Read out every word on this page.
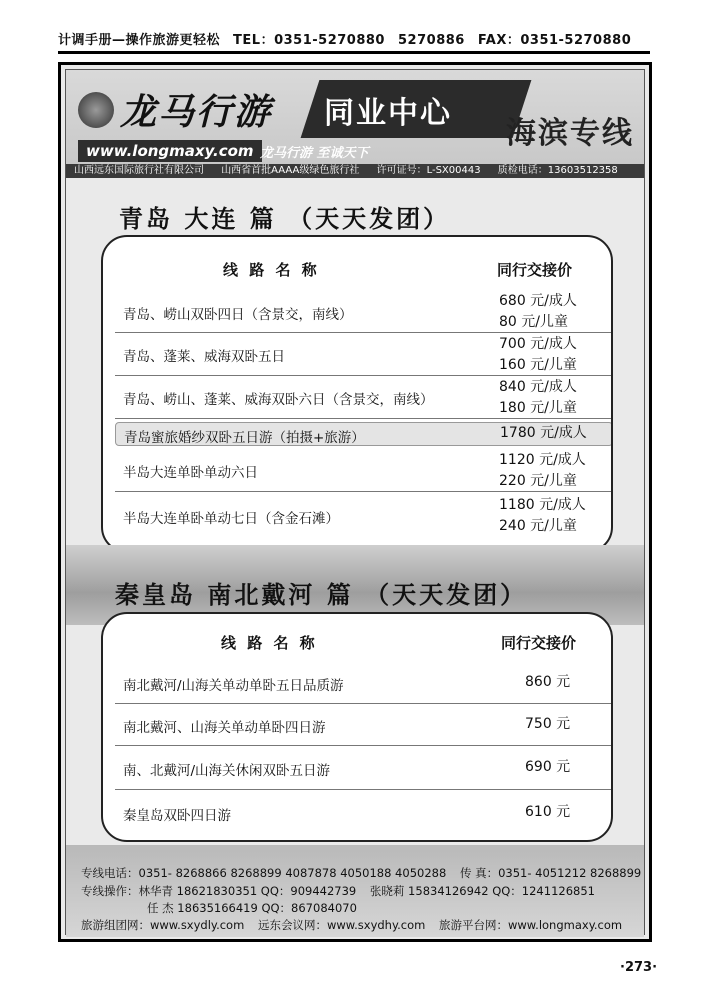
计调手册—操作旅游更轻松 TEL：0351-5270880 5270886 FAX：0351-5270880
龙马行游 同业中心
海滨专线
www.longmaxy.com 龙马行游 至诚天下
山西远东国际旅行社有限公司 山西省首批AAAA级绿色旅行社 许可证号：L-SX00443 质检电话：13603512358
青岛 大连 篇 （天天发团）
线 路 名 称	同行交接价
青岛、崂山双卧四日（含景交，南线）
680 元/成人
80 元/儿童
青岛、蓬莱、威海双卧五日
700 元/成人
160 元/儿童
青岛、崂山、蓬莱、威海双卧六日（含景交，南线）
840 元/成人
180 元/儿童
青岛蜜旅婚纱双卧五日游（拍摄+旅游）	1780 元/成人
半岛大连单卧单动六日
1120 元/成人
220 元/儿童
半岛大连单卧单动七日（含金石滩）
1180 元/成人
240 元/儿童
秦皇岛 南北戴河 篇 （天天发团）
线 路 名 称	同行交接价
南北戴河/山海关单动单卧五日品质游	860 元
南北戴河、山海关单动单卧四日游	750 元
南、北戴河/山海关休闲双卧五日游	690 元
秦皇岛双卧四日游	610 元
专线电话：0351- 8268866 8268899 4087878 4050188 4050288 传 真：0351- 4051212 8268899
专线操作：林华青 18621830351 QQ：909442739 张晓莉 15834126942 QQ：1241126851
任 杰 18635166419 QQ：867084070
旅游组团网：www.sxydly.com 远东会议网：www.sxydhy.com 旅游平台网：www.longmaxy.com
·273·
